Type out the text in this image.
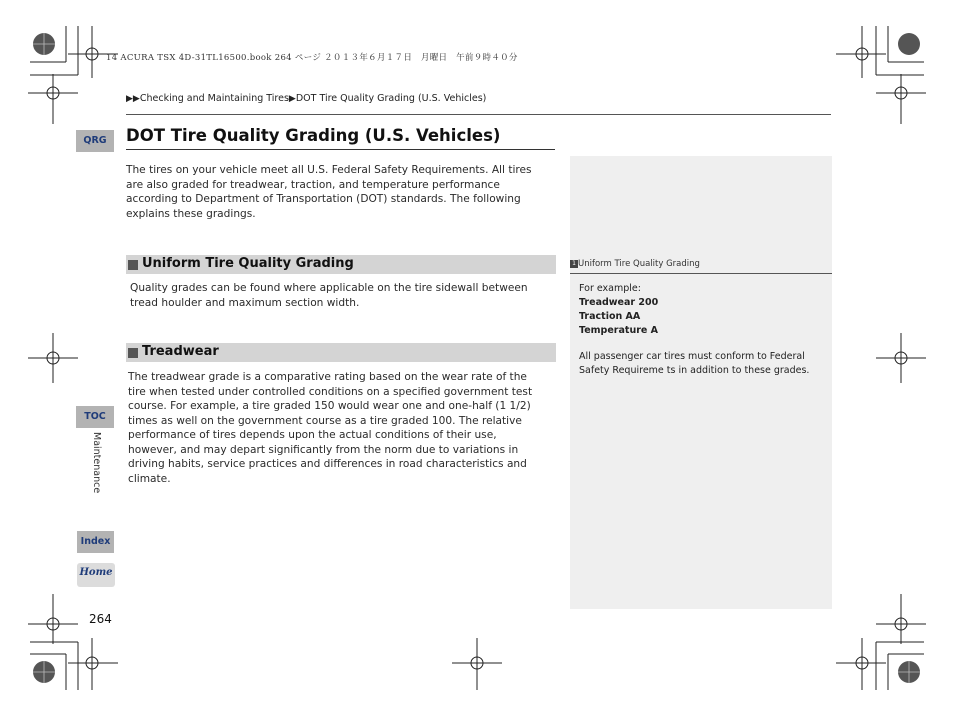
14 ACURA TSX 4D-31TL16500.book 264 ページ ２０１３年６月１７日　月曜日　午前９時４０分
▶▶Checking and Maintaining Tires▶DOT Tire Quality Grading (U.S. Vehicles)
DOT Tire Quality Grading (U.S. Vehicles)
The tires on your vehicle meet all U.S. Federal Safety Requirements. All tires are also graded for treadwear, traction, and temperature performance according to Department of Transportation (DOT) standards. The following explains these gradings.
Uniform Tire Quality Grading
Quality grades can be found where applicable on the tire sidewall between tread houlder and maximum section width.
Treadwear
The treadwear grade is a comparative rating based on the wear rate of the tire when tested under controlled conditions on a specified government test course. For example, a tire graded 150 would wear one and one-half (1 1/2) times as well on the government course as a tire graded 100. The relative performance of tires depends upon the actual conditions of their use, however, and may depart significantly from the norm due to variations in driving habits, service practices and differences in road characteristics and climate.
1 Uniform Tire Quality Grading
For example:
Treadwear 200
Traction AA
Temperature A
All passenger car tires must conform to Federal Safety Requireme ts in addition to these grades.
QRG
TOC
Maintenance
Index
Home
264
